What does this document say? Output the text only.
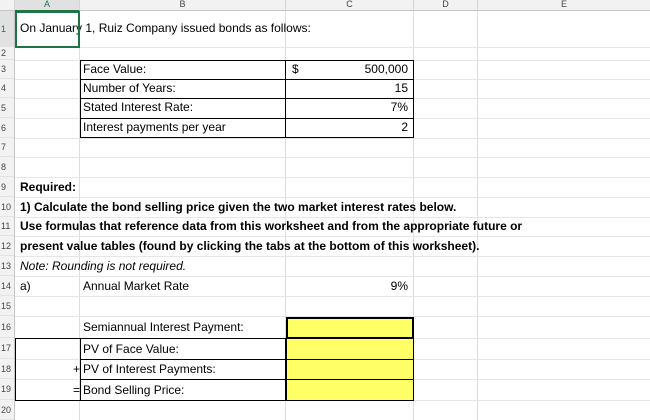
A	B	C	D	E
1
2
3
4
5
6
7
8
9
10
11
12
13
14
15
16
17
18
19
20
On January 1, Ruiz Company issued bonds as follows:
Face Value:	$	500,000
Number of Years:	15
Stated Interest Rate:	7%
Interest payments per year	2
Required:
1) Calculate the bond selling price given the two market interest rates below.
Use formulas that reference data from this worksheet and from the appropriate future or
present value tables (found by clicking the tabs at the bottom of this worksheet).
Note: Rounding is not required.
a)	Annual Market Rate	9%
Semiannual Interest Payment:
PV of Face Value:
+ PV of Interest Payments:
= Bond Selling Price:
